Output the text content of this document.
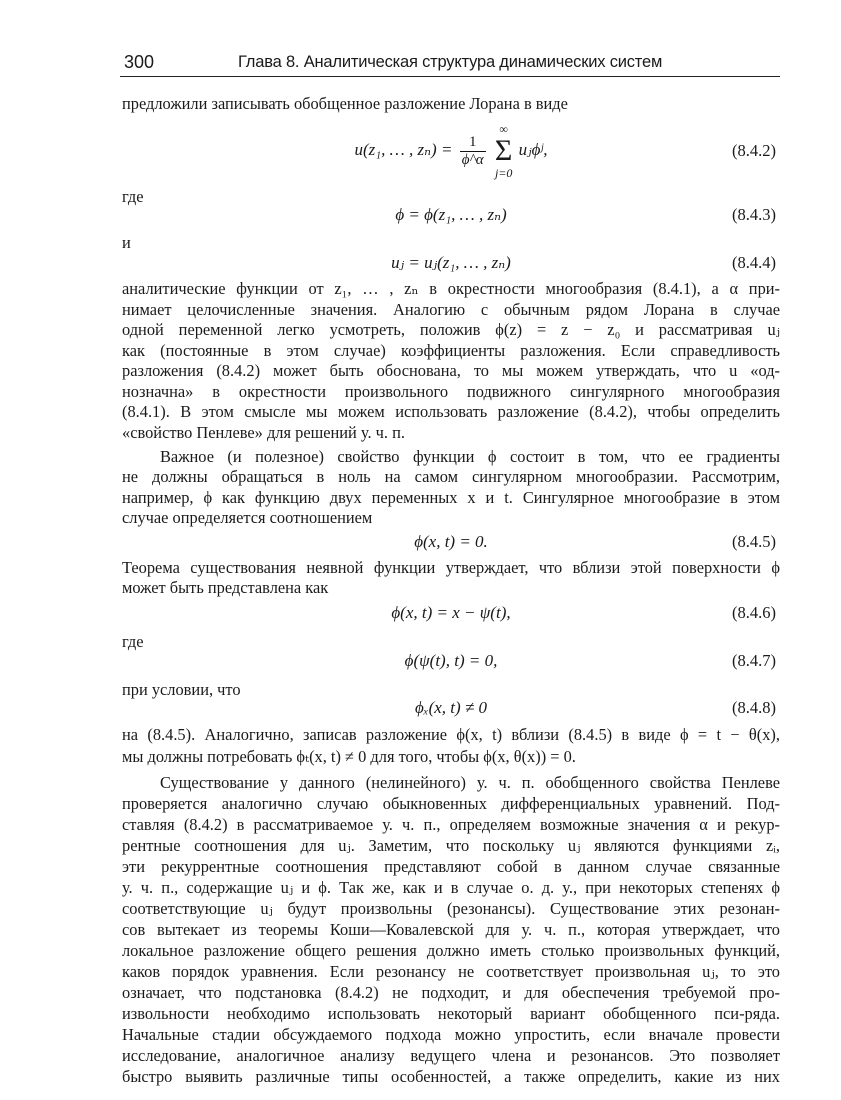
300	Глава 8. Аналитическая структура динамических систем
предложили записывать обобщенное разложение Лорана в виде
u(z₁, … , $z_n) = \frac{1}{\phi\^{}\alpha}$

∞
Σ
j=0
uⱼϕʲ,	(8.4.2)
где
ϕ = ϕ(z₁, … , zₙ)	(8.4.3)
и
uⱼ = uⱼ(z₁, … , zₙ)	(8.4.4)
аналитические функции от z₁, … , zₙ в окрестности многообразия (8.4.1), а α при-
нимает целочисленные значения. Аналогию с обычным рядом Лорана в случае
одной переменной легко усмотреть, положив ϕ(z) = z − z₀ и рассматривая uⱼ
как (постоянные в этом случае) коэффициенты разложения. Если справедливость
разложения (8.4.2) может быть обоснована, то мы можем утверждать, что u «од-
нозначна» в окрестности произвольного подвижного сингулярного многообразия
(8.4.1). В этом смысле мы можем использовать разложение (8.4.2), чтобы определить
«свойство Пенлеве» для решений у. ч. п.
Важное (и полезное) свойство функции ϕ состоит в том, что ее градиенты
не должны обращаться в ноль на самом сингулярном многообразии. Рассмотрим,
например, ϕ как функцию двух переменных x и t. Сингулярное многообразие в этом
случае определяется соотношением
ϕ(x, t) = 0.	(8.4.5)
Теорема существования неявной функции утверждает, что вблизи этой поверхности ϕ
может быть представлена как
ϕ(x, t) = x − ψ(t),	(8.4.6)
где
ϕ(ψ(t), t) = 0,	(8.4.7)
при условии, что
ϕₓ(x, t) ≠ 0	(8.4.8)
на (8.4.5). Аналогично, записав разложение ϕ(x, t) вблизи (8.4.5) в виде ϕ = t − θ(x),
мы должны потребовать ϕₜ(x, t) ≠ 0 для того, чтобы ϕ(x, θ(x)) = 0.
Существование у данного (нелинейного) у. ч. п. обобщенного свойства Пенлеве
проверяется аналогично случаю обыкновенных дифференциальных уравнений. Под-
ставляя (8.4.2) в рассматриваемое у. ч. п., определяем возможные значения α и рекур-
рентные соотношения для uⱼ. Заметим, что поскольку uⱼ являются функциями zᵢ,
эти рекуррентные соотношения представляют собой в данном случае связанные
у. ч. п., содержащие uⱼ и ϕ. Так же, как и в случае о. д. у., при некоторых степенях ϕ
соответствующие uⱼ будут произвольны (резонансы). Существование этих резонан-
сов вытекает из теоремы Коши—Ковалевской для у. ч. п., которая утверждает, что
локальное разложение общего решения должно иметь столько произвольных функций,
каков порядок уравнения. Если резонансу не соответствует произвольная uⱼ, то это
означает, что подстановка (8.4.2) не подходит, и для обеспечения требуемой про-
извольности необходимо использовать некоторый вариант обобщенного пси-ряда.
Начальные стадии обсуждаемого подхода можно упростить, если вначале провести
исследование, аналогичное анализу ведущего члена и резонансов. Это позволяет
быстро выявить различные типы особенностей, а также определить, какие из них
